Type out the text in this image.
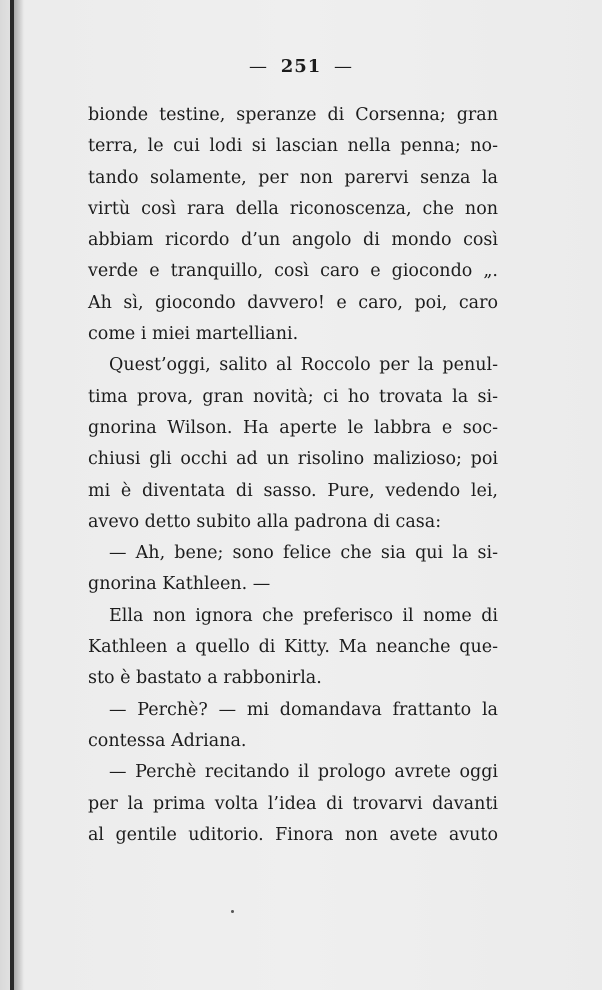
— 251 —
bionde testine, speranze di Corsenna; gran
terra, le cui lodi si lascian nella penna; no-
tando solamente, per non parervi senza la
virtù così rara della riconoscenza, che non
abbiam ricordo d’un angolo di mondo così
verde e tranquillo, così caro e giocondo „.
Ah sì, giocondo davvero! e caro, poi, caro
come i miei martelliani.
Quest’oggi, salito al Roccolo per la penul-
tima prova, gran novità; ci ho trovata la si-
gnorina Wilson. Ha aperte le labbra e soc-
chiusi gli occhi ad un risolino malizioso; poi
mi è diventata di sasso. Pure, vedendo lei,
avevo detto subito alla padrona di casa:
— Ah, bene; sono felice che sia qui la si-
gnorina Kathleen. —
Ella non ignora che preferisco il nome di
Kathleen a quello di Kitty. Ma neanche que-
sto è bastato a rabbonirla.
— Perchè? — mi domandava frattanto la
contessa Adriana.
— Perchè recitando il prologo avrete oggi
per la prima volta l’idea di trovarvi davanti
al gentile uditorio. Finora non avete avuto
